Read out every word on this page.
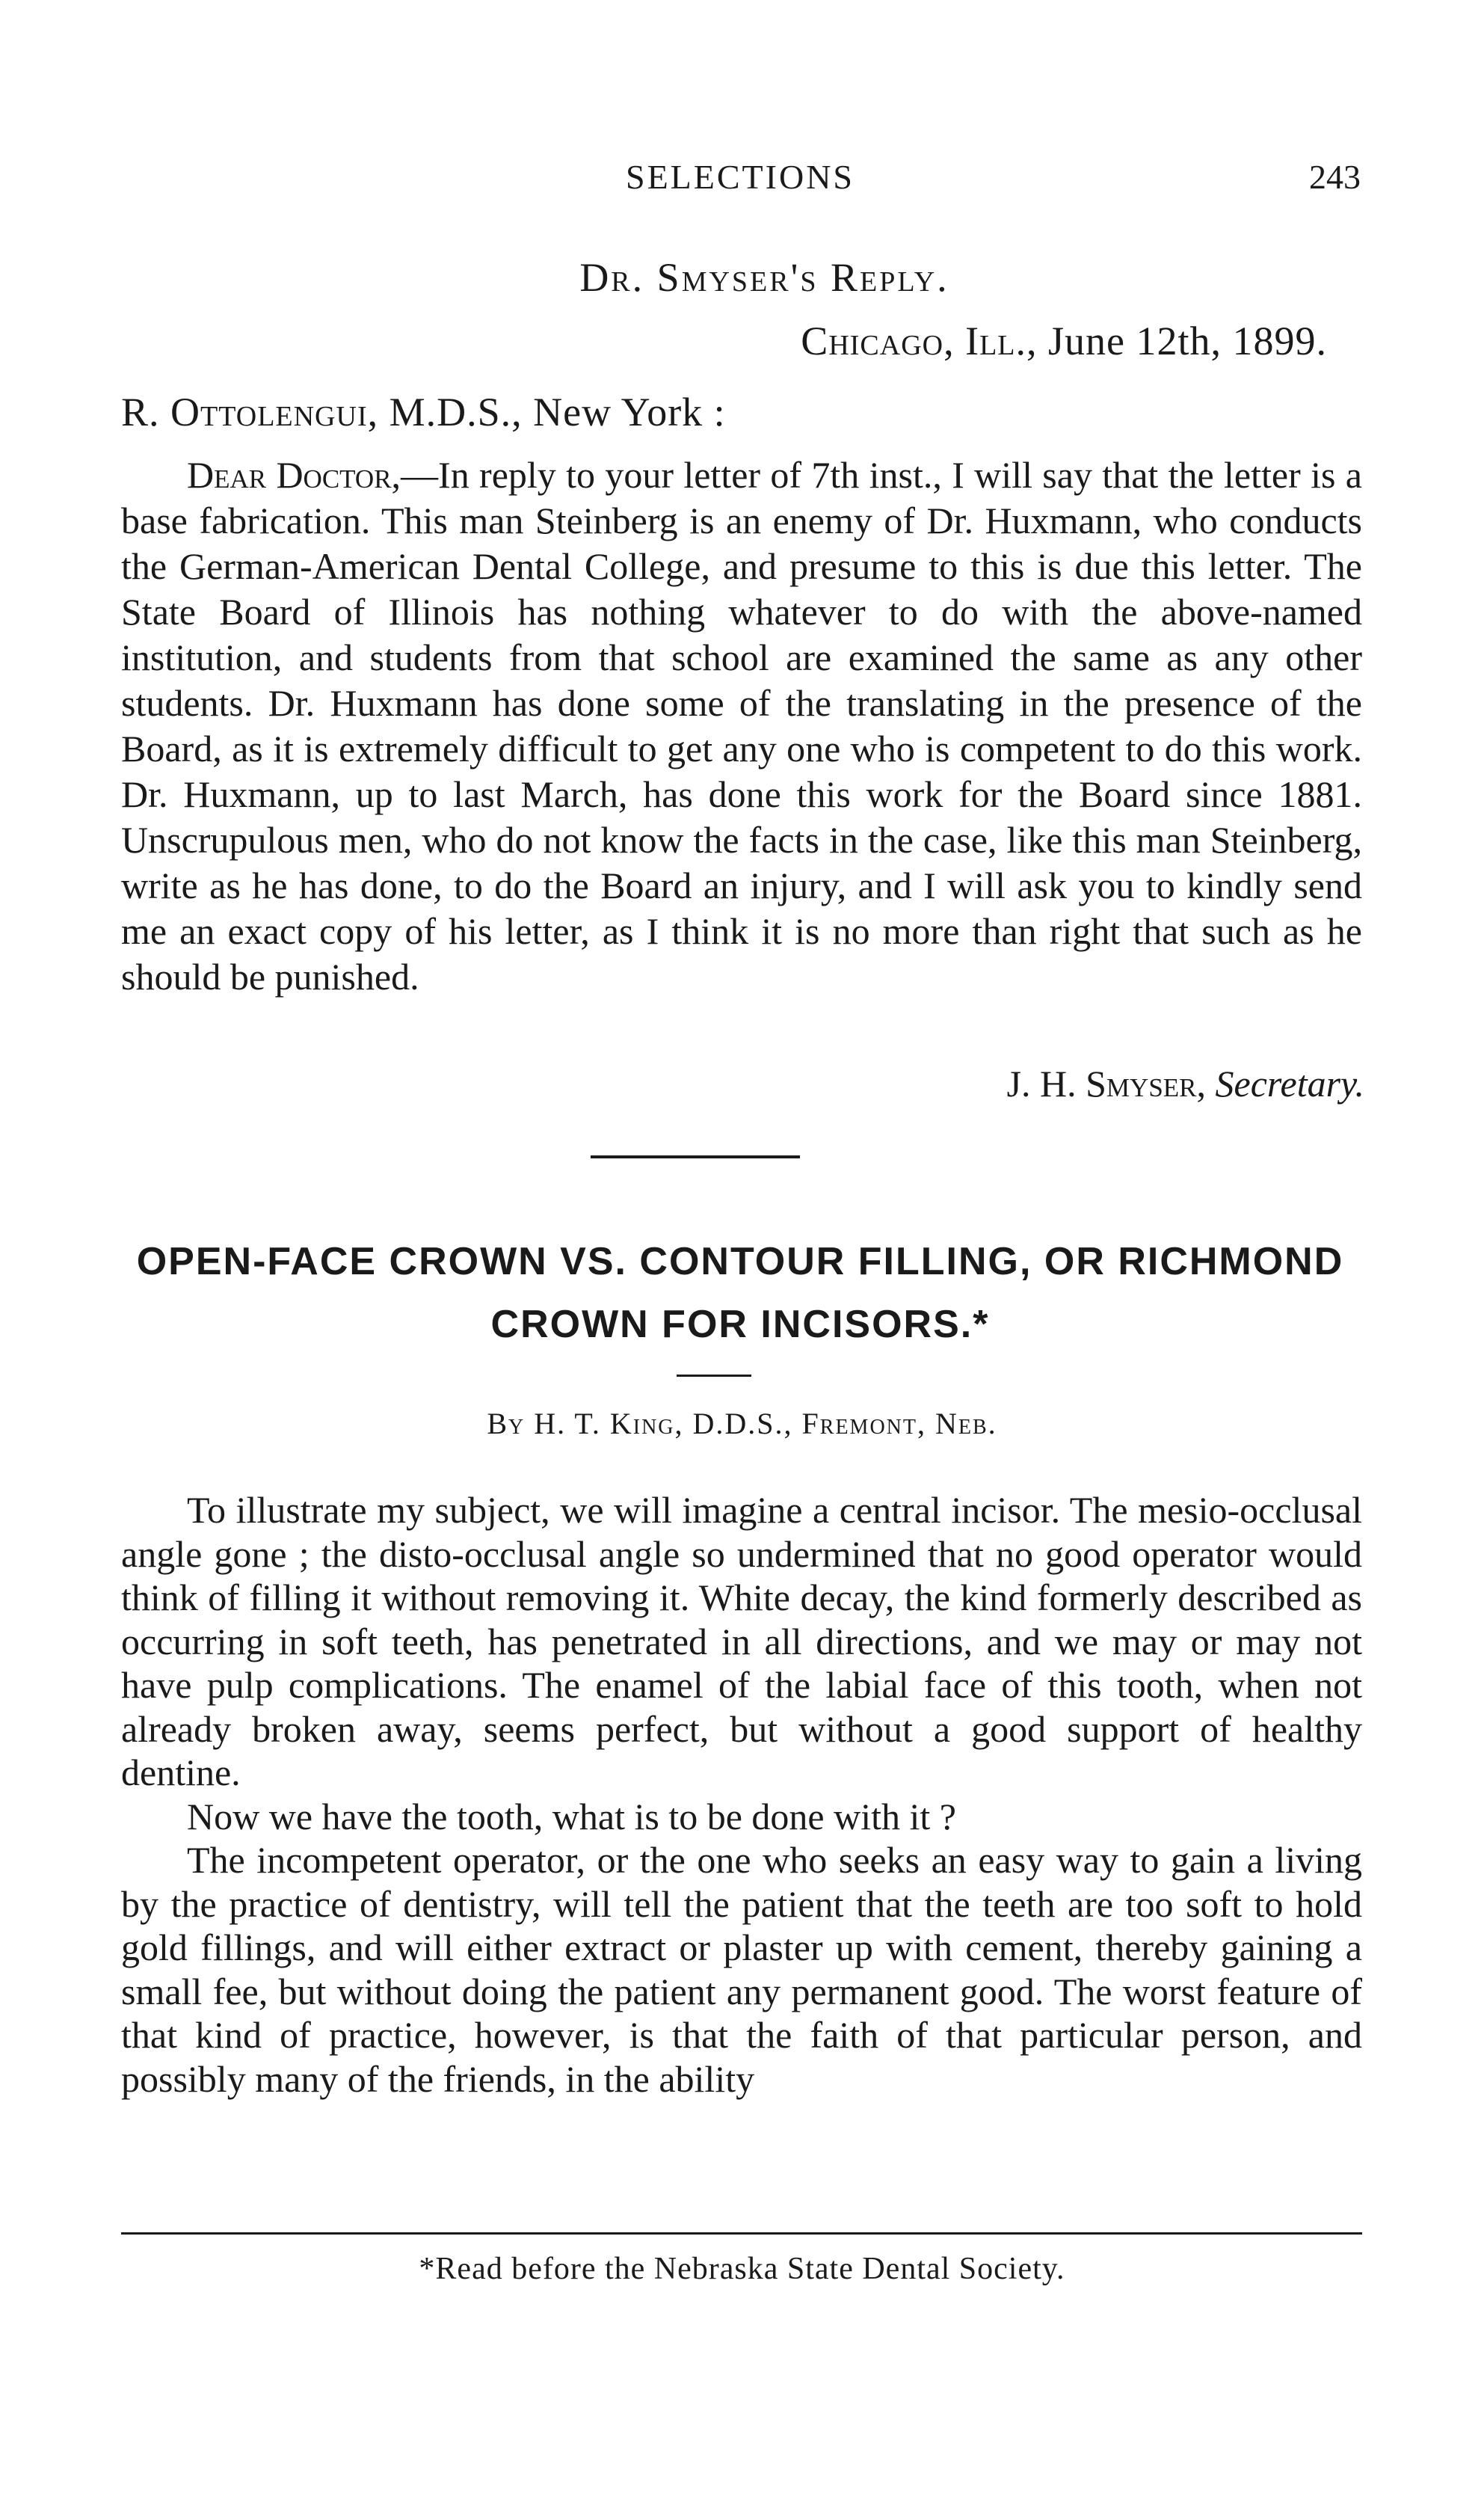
SELECTIONS	243
Dr. Smyser's Reply.
Chicago, Ill., June 12th, 1899.
R. Ottolengui, M.D.S., New York :

Dear Doctor,—In reply to your letter of 7th inst., I will say that the letter is a base fabrication. This man Steinberg is an enemy of Dr. Huxmann, who conducts the German-American Dental College, and presume to this is due this letter. The State Board of Illinois has nothing whatever to do with the above-named institution, and students from that school are examined the same as any other students. Dr. Huxmann has done some of the translating in the presence of the Board, as it is extremely difficult to get any one who is competent to do this work. Dr. Huxmann, up to last March, has done this work for the Board since 1881. Unscrupulous men, who do not know the facts in the case, like this man Steinberg, write as he has done, to do the Board an injury, and I will ask you to kindly send me an exact copy of his letter, as I think it is no more than right that such as he should be punished.

J. H. Smyser, Secretary.
OPEN-FACE CROWN VS. CONTOUR FILLING, OR RICHMOND CROWN FOR INCISORS.*
By H. T. King, D.D.S., Fremont, Neb.

To illustrate my subject, we will imagine a central incisor. The mesio-occlusal angle gone ; the disto-occlusal angle so undermined that no good operator would think of filling it without removing it. White decay, the kind formerly described as occurring in soft teeth, has penetrated in all directions, and we may or may not have pulp complications. The enamel of the labial face of this tooth, when not already broken away, seems perfect, but without a good support of healthy dentine.

Now we have the tooth, what is to be done with it ?

The incompetent operator, or the one who seeks an easy way to gain a living by the practice of dentistry, will tell the patient that the teeth are too soft to hold gold fillings, and will either extract or plaster up with cement, thereby gaining a small fee, but without doing the patient any permanent good. The worst feature of that kind of practice, however, is that the faith of that particular person, and possibly many of the friends, in the ability

*Read before the Nebraska State Dental Society.
